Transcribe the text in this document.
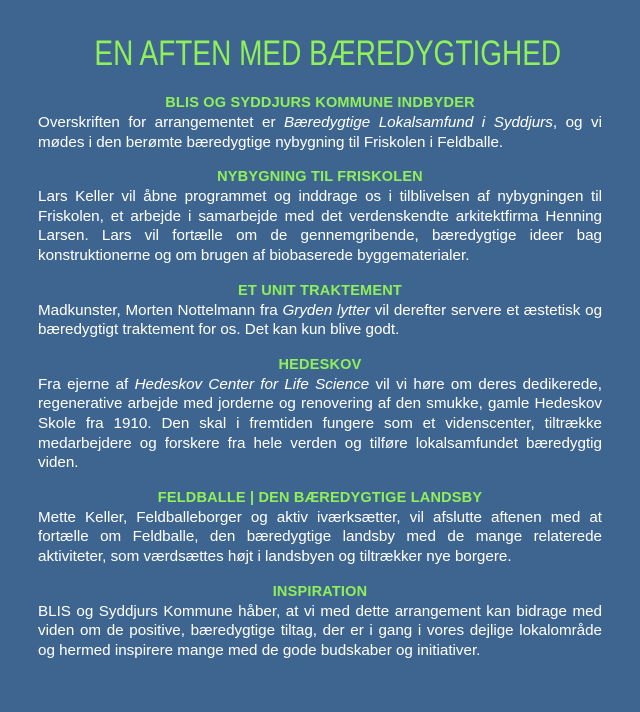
EN AFTEN MED BÆREDYGTIGHED
BLIS OG SYDDJURS KOMMUNE INDBYDER

Overskriften for arrangementet er Bæredygtige Lokalsamfund i Syddjurs, og vi mødes i den berømte bæredygtige nybygning til Friskolen i Feldballe.

NYBYGNING TIL FRISKOLEN

Lars Keller vil åbne programmet og inddrage os i tilblivelsen af nybygningen til Friskolen, et arbejde i samarbejde med det verdenskendte arkitektfirma Henning Larsen. Lars vil fortælle om de gennemgribende, bæredygtige ideer bag konstruktionerne og om brugen af biobaserede byggematerialer.

ET UNIT TRAKTEMENT

Madkunster, Morten Nottelmann fra Gryden lytter vil derefter servere et æstetisk og bæredygtigt traktement for os. Det kan kun blive godt.

HEDESKOV

Fra ejerne af Hedeskov Center for Life Science vil vi høre om deres dedikerede, regenerative arbejde med jorderne og renovering af den smukke, gamle Hedeskov Skole fra 1910. Den skal i fremtiden fungere som et videnscenter, tiltrække medarbejdere og forskere fra hele verden og tilføre lokalsamfundet bæredygtig viden.

FELDBALLE | DEN BÆREDYGTIGE LANDSBY

Mette Keller, Feldballeborger og aktiv iværksætter, vil afslutte aftenen med at fortælle om Feldballe, den bæredygtige landsby med de mange relaterede aktiviteter, som værdsættes højt i landsbyen og tiltrækker nye borgere.

INSPIRATION

BLIS og Syddjurs Kommune håber, at vi med dette arrangement kan bidrage med viden om de positive, bæredygtige tiltag, der er i gang i vores dejlige lokalområde og hermed inspirere mange med de gode budskaber og initiativer.
